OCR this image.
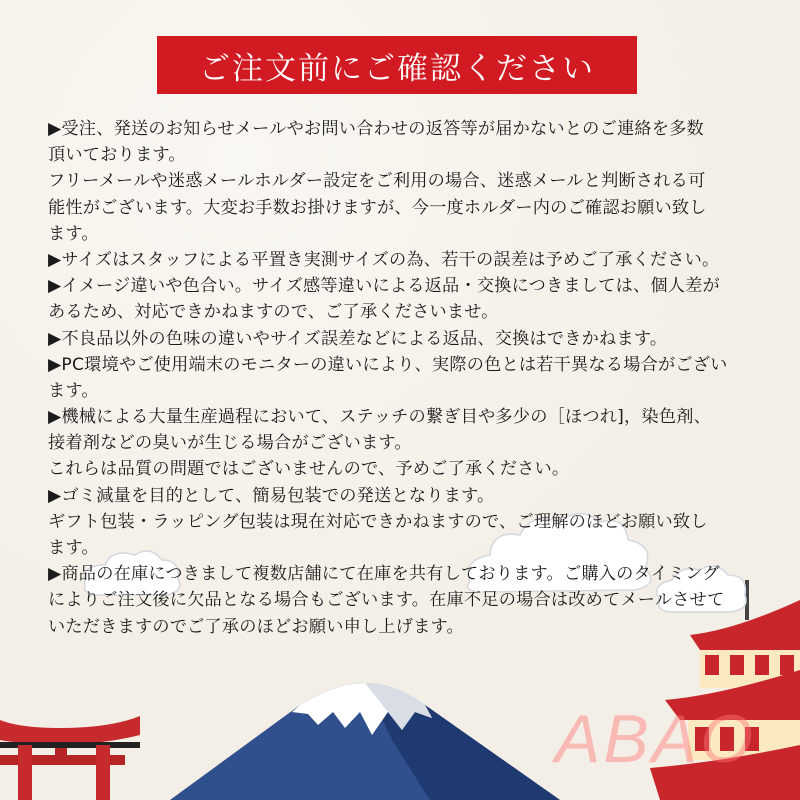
ご注文前にご確認ください
▶受注、発送のお知らせメールやお問い合わせの返答等が届かないとのご連絡を多数
頂いております。
フリーメールや迷惑メールホルダー設定をご利用の場合、迷惑メールと判断される可
能性がございます。大変お手数お掛けますが、今一度ホルダー内のご確認お願い致し
ます。
▶サイズはスタッフによる平置き実測サイズの為、若干の誤差は予めご了承ください。
▶イメージ違いや色合い。サイズ感等違いによる返品・交換につきましては、個人差が
あるため、対応できかねますので、ご了承くださいませ。
▶不良品以外の色味の違いやサイズ誤差などによる返品、交換はできかねます。
▶PC環境やご使用端末のモニターの違いにより、実際の色とは若干異なる場合がござい
ます。
▶機械による大量生産過程において、ステッチの繋ぎ目や多少の［ほつれ]，染色剤、
接着剤などの臭いが生じる場合がございます。
これらは品質の問題ではございませんので、予めご了承ください。
▶ゴミ減量を目的として、簡易包装での発送となります。
ギフト包装・ラッピング包装は現在対応できかねますので、ご理解のほどお願い致し
ます。
▶商品の在庫につきまして複数店舗にて在庫を共有しております。ご購入のタイミング
によりご注文後に欠品となる場合もございます。在庫不足の場合は改めてメールさせて
いただきますのでご了承のほどお願い申し上げます。
ABAO
